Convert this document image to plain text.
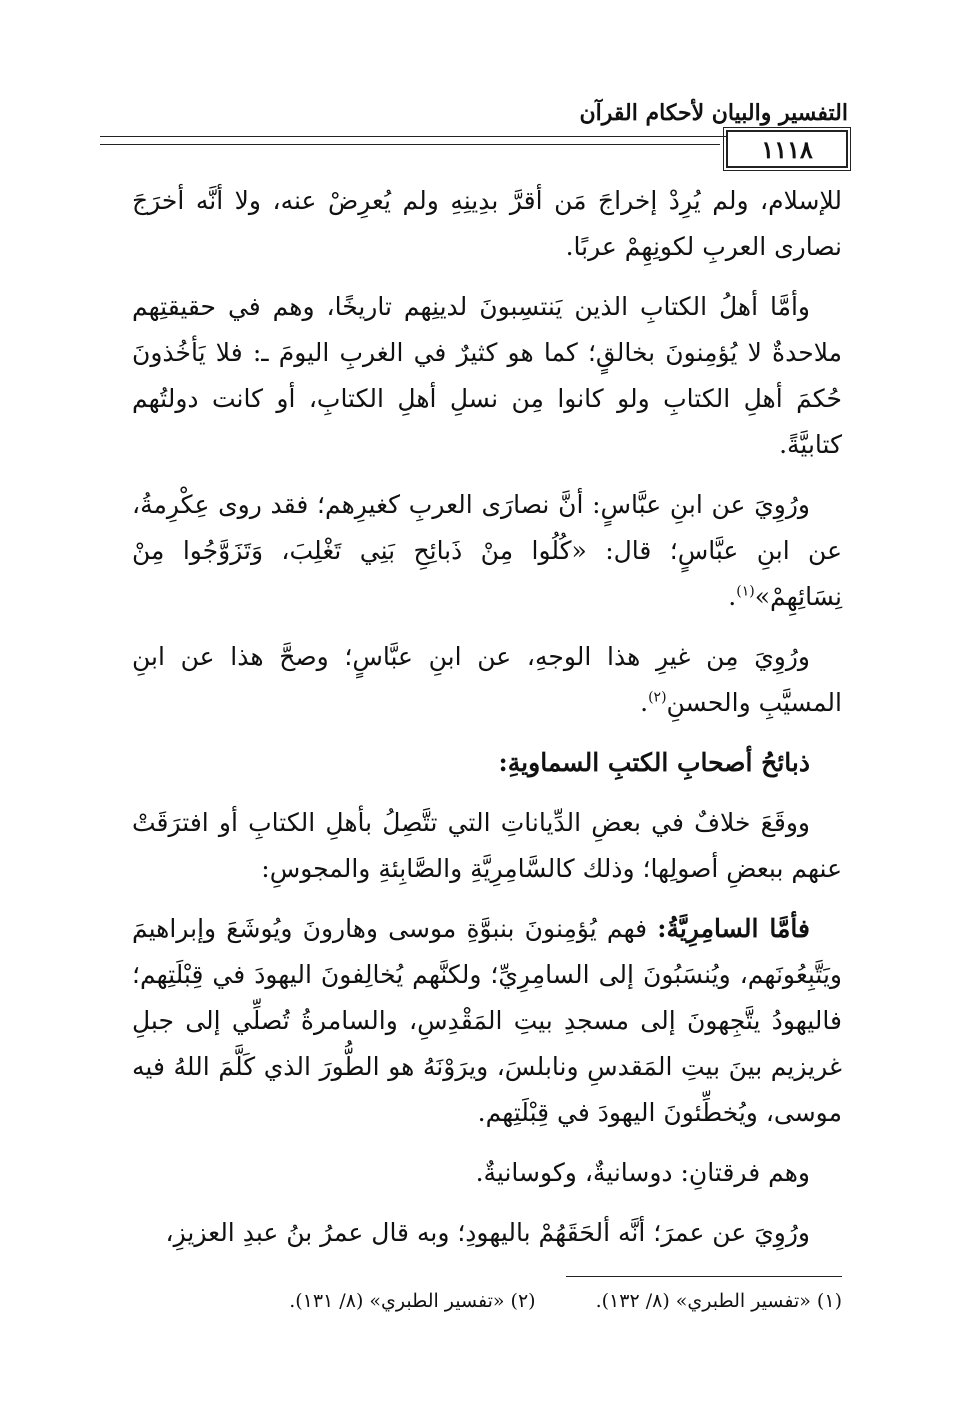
التفسير والبيان لأحكام القرآن
١١١٨

للإسلام، ولم يُرِدْ إخراجَ مَن أقرَّ بدِينِهِ ولم يُعرِضْ عنه، ولا أنَّه أخرَجَ نصارى العربِ لكونِهِمْ عربًا.

وأمَّا أهلُ الكتابِ الذين يَنتسِبونَ لدينِهم تاريخًا، وهم في حقيقتِهم ملاحدةٌ لا يُؤمِنونَ بخالقٍ؛ كما هو كثيرٌ في الغربِ اليومَ ـ: فلا يَأخُذونَ حُكمَ أهلِ الكتابِ ولو كانوا مِن نسلِ أهلِ الكتابِ، أو كانت دولتُهم كتابيَّةً.

ورُوِيَ عن ابنِ عبَّاسٍ: أنَّ نصارَى العربِ كغيرِهم؛ فقد روى عِكْرِمةُ، عن ابنِ عبَّاسٍ؛ قال: «كُلُوا مِنْ ذَبائِحِ بَنِي تَغْلِبَ، وَتَزَوَّجُوا مِنْ نِسَائِهِمْ»$^{(١)}$.

ورُوِيَ مِن غيرِ هذا الوجهِ، عن ابنِ عبَّاسٍ؛ وصحَّ هذا عن ابنِ المسيَّبِ والحسنِ$^{(٢)}$.

ذبائحُ أصحابِ الكتبِ السماويةِ:

ووقَعَ خلافٌ في بعضِ الدِّياناتِ التي تتَّصِلُ بأهلِ الكتابِ أو افترَقَتْ عنهم ببعضِ أصولِها؛ وذلك كالسَّامِرِيَّةِ والصَّابِئةِ والمجوسِ:

فأمَّا السامِرِيَّةُ: فهم يُؤمِنونَ بنبوَّةِ موسى وهارونَ ويُوشَعَ وإبراهيمَ ويَتَّبِعُونَهم، ويُنسَبُونَ إلى السامِرِيِّ؛ ولكنَّهم يُخالِفونَ اليهودَ في قِبْلَتِهم؛ فاليهودُ يتَّجِهونَ إلى مسجدِ بيتِ المَقْدِسِ، والسامرةُ تُصلِّي إلى جبلِ غريزيم بينَ بيتِ المَقدسِ ونابلسَ، ويرَوْنَهُ هو الطُّورَ الذي كَلَّمَ اللهُ فيه موسى، ويُخطِّئونَ اليهودَ في قِبْلَتِهم.

وهم فرقتانِ: دوسانيةٌ، وكوسانيةٌ.

ورُوِيَ عن عمرَ؛ أنَّه ألحَقَهُمْ باليهودِ؛ وبه قال عمرُ بنُ عبدِ العزيزِ،

(١) «تفسير الطبري» (٨/ ١٣٢).
(٢) «تفسير الطبري» (٨/ ١٣١).
